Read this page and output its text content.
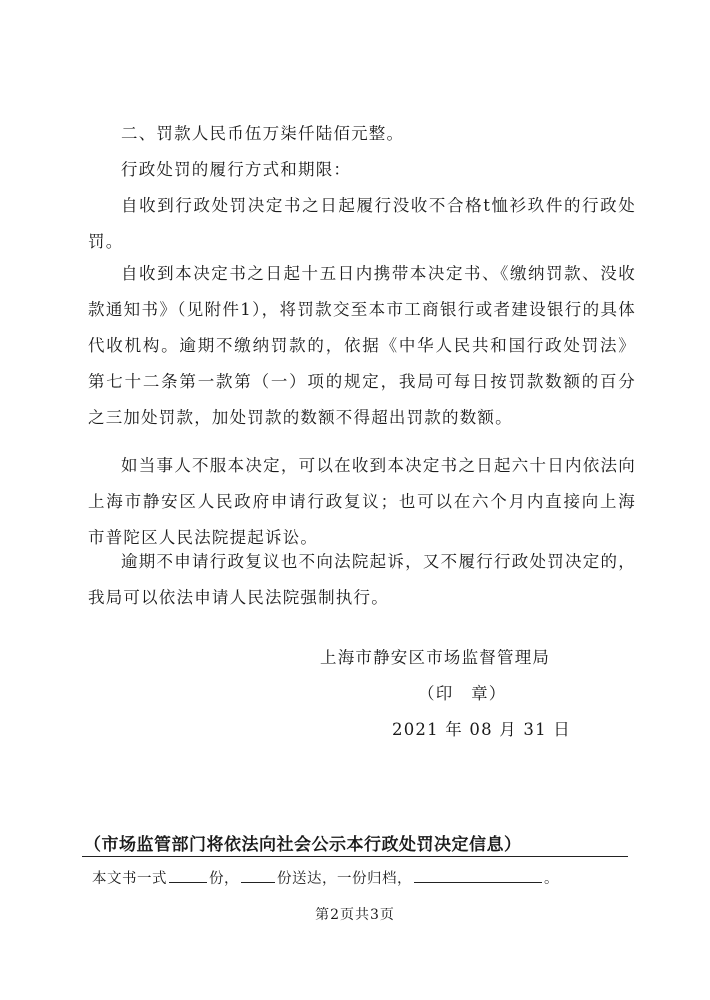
二、罚款人民币伍万柒仟陆佰元整。

行政处罚的履行方式和期限：

自收到行政处罚决定书之日起履行没收不合格t恤衫玖件的行政处罚。

自收到本决定书之日起十五日内携带本决定书、《缴纳罚款、没收款通知书》（见附件1），将罚款交至本市工商银行或者建设银行的具体代收机构。逾期不缴纳罚款的，依据《中华人民共和国行政处罚法》第七十二条第一款第（一）项的规定，我局可每日按罚款数额的百分之三加处罚款，加处罚款的数额不得超出罚款的数额。

如当事人不服本决定，可以在收到本决定书之日起六十日内依法向上海市静安区人民政府申请行政复议；也可以在六个月内直接向上海市普陀区人民法院提起诉讼。

逾期不申请行政复议也不向法院起诉，又不履行行政处罚决定的，我局可以依法申请人民法院强制执行。

上海市静安区市场监督管理局
（印　章）
2021 年 08 月 31 日
（市场监管部门将依法向社会公示本行政处罚决定信息）
本文书一式	份，	份送达，一份归档，	。
第2页共3页
